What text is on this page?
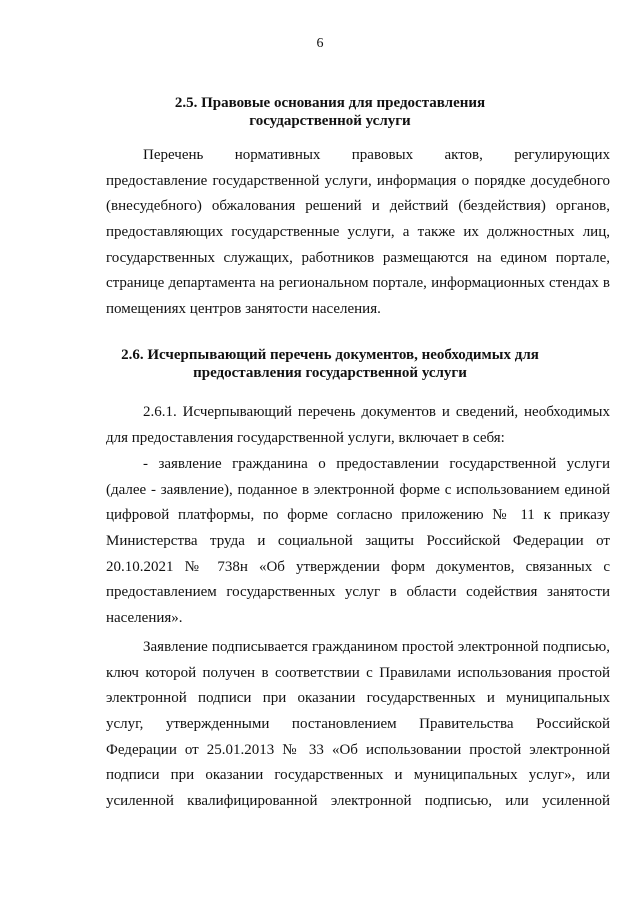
6
2.5. Правовые основания для предоставления
государственной услуги
Перечень нормативных правовых актов, регулирующих
предоставление государственной услуги, информация о порядке досудебного
(внесудебного) обжалования решений и действий (бездействия) органов,
предоставляющих государственные услуги, а также их должностных лиц,
государственных служащих, работников размещаются на едином портале,
странице департамента на региональном портале, информационных стендах в
помещениях центров занятости населения.
2.6. Исчерпывающий перечень документов, необходимых для
предоставления государственной услуги
2.6.1. Исчерпывающий перечень документов и сведений, необходимых
для предоставления государственной услуги, включает в себя:
- заявление гражданина о предоставлении государственной услуги
(далее - заявление), поданное в электронной форме с использованием единой
цифровой платформы, по форме согласно приложению № 11 к приказу
Министерства труда и социальной защиты Российской Федерации от
20.10.2021 № 738н «Об утверждении форм документов, связанных с
предоставлением государственных услуг в области содействия занятости
населения».
Заявление подписывается гражданином простой электронной подписью,
ключ которой получен в соответствии с Правилами использования простой
электронной подписи при оказании государственных и муниципальных
услуг, утвержденными постановлением Правительства Российской
Федерации от 25.01.2013 № 33 «Об использовании простой электронной
подписи при оказании государственных и муниципальных услуг», или
усиленной квалифицированной электронной подписью, или усиленной
